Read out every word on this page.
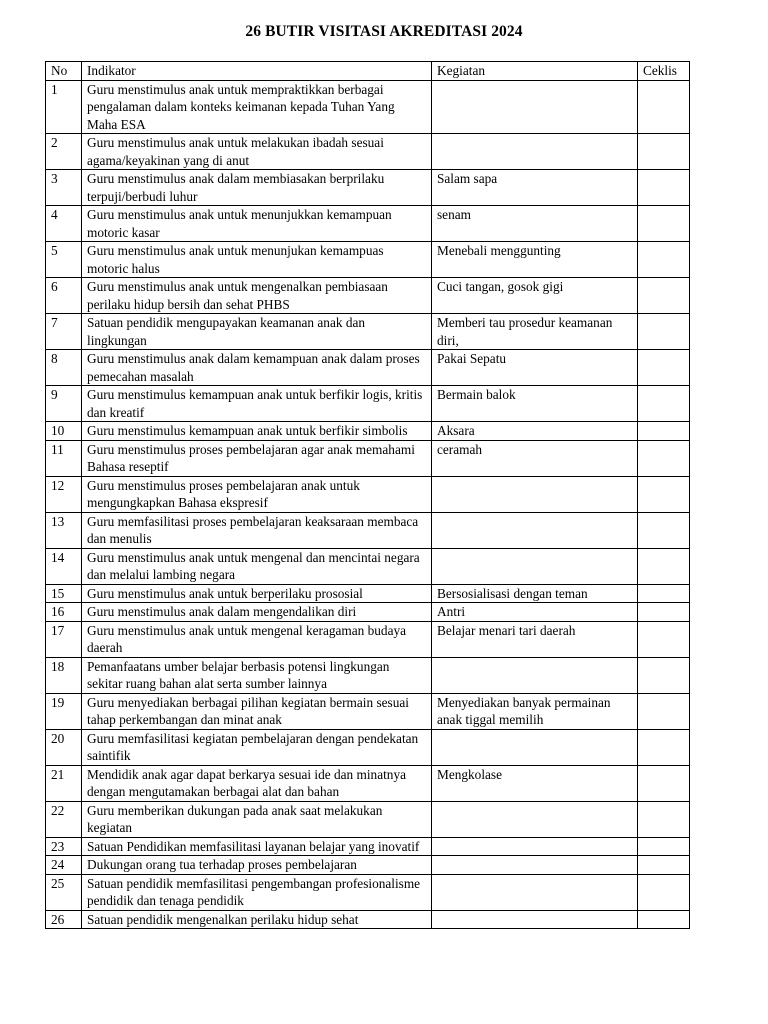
26 BUTIR VISITASI AKREDITASI 2024
No	Indikator	Kegiatan	Ceklis
1	Guru menstimulus anak untuk mempraktikkan berbagai pengalaman dalam konteks keimanan kepada Tuhan Yang Maha ESA		
2	Guru menstimulus anak untuk melakukan ibadah sesuai agama/keyakinan yang di anut		
3	Guru menstimulus anak dalam membiasakan berprilaku terpuji/berbudi luhur	Salam sapa	
4	Guru menstimulus anak untuk menunjukkan kemampuan motoric kasar	senam	
5	Guru menstimulus anak untuk menunjukan kemampuas motoric halus	Menebali menggunting	
6	Guru menstimulus anak untuk mengenalkan pembiasaan perilaku hidup bersih dan sehat PHBS	Cuci tangan, gosok gigi	
7	Satuan pendidik mengupayakan keamanan anak dan lingkungan	Memberi tau prosedur keamanan diri,	
8	Guru menstimulus anak dalam kemampuan anak dalam proses pemecahan masalah	Pakai Sepatu	
9	Guru menstimulus kemampuan anak untuk berfikir logis, kritis dan kreatif	Bermain balok	
10	Guru menstimulus kemampuan anak untuk berfikir simbolis	Aksara	
11	Guru menstimulus proses pembelajaran agar anak memahami Bahasa reseptif	ceramah	
12	Guru menstimulus proses pembelajaran anak untuk mengungkapkan Bahasa ekspresif		
13	Guru memfasilitasi proses pembelajaran keaksaraan membaca dan menulis		
14	Guru menstimulus anak untuk mengenal dan mencintai negara dan melalui lambing negara		
15	Guru menstimulus anak untuk berperilaku prososial	Bersosialisasi dengan teman	
16	Guru menstimulus anak dalam mengendalikan diri	Antri	
17	Guru menstimulus anak untuk mengenal keragaman budaya daerah	Belajar menari tari daerah	
18	Pemanfaatans umber belajar berbasis potensi lingkungan sekitar ruang bahan alat serta sumber lainnya		
19	Guru menyediakan berbagai pilihan kegiatan bermain sesuai tahap perkembangan dan minat anak	Menyediakan banyak permainan anak tiggal memilih	
20	Guru memfasilitasi kegiatan pembelajaran dengan pendekatan saintifik		
21	Mendidik anak agar dapat berkarya sesuai ide dan minatnya dengan mengutamakan berbagai alat dan bahan	Mengkolase	
22	Guru memberikan dukungan pada anak saat melakukan kegiatan		
23	Satuan Pendidikan memfasilitasi layanan belajar yang inovatif		
24	Dukungan orang tua terhadap proses pembelajaran		
25	Satuan pendidik memfasilitasi pengembangan profesionalisme pendidik dan tenaga pendidik		
26	Satuan pendidik mengenalkan perilaku hidup sehat		
